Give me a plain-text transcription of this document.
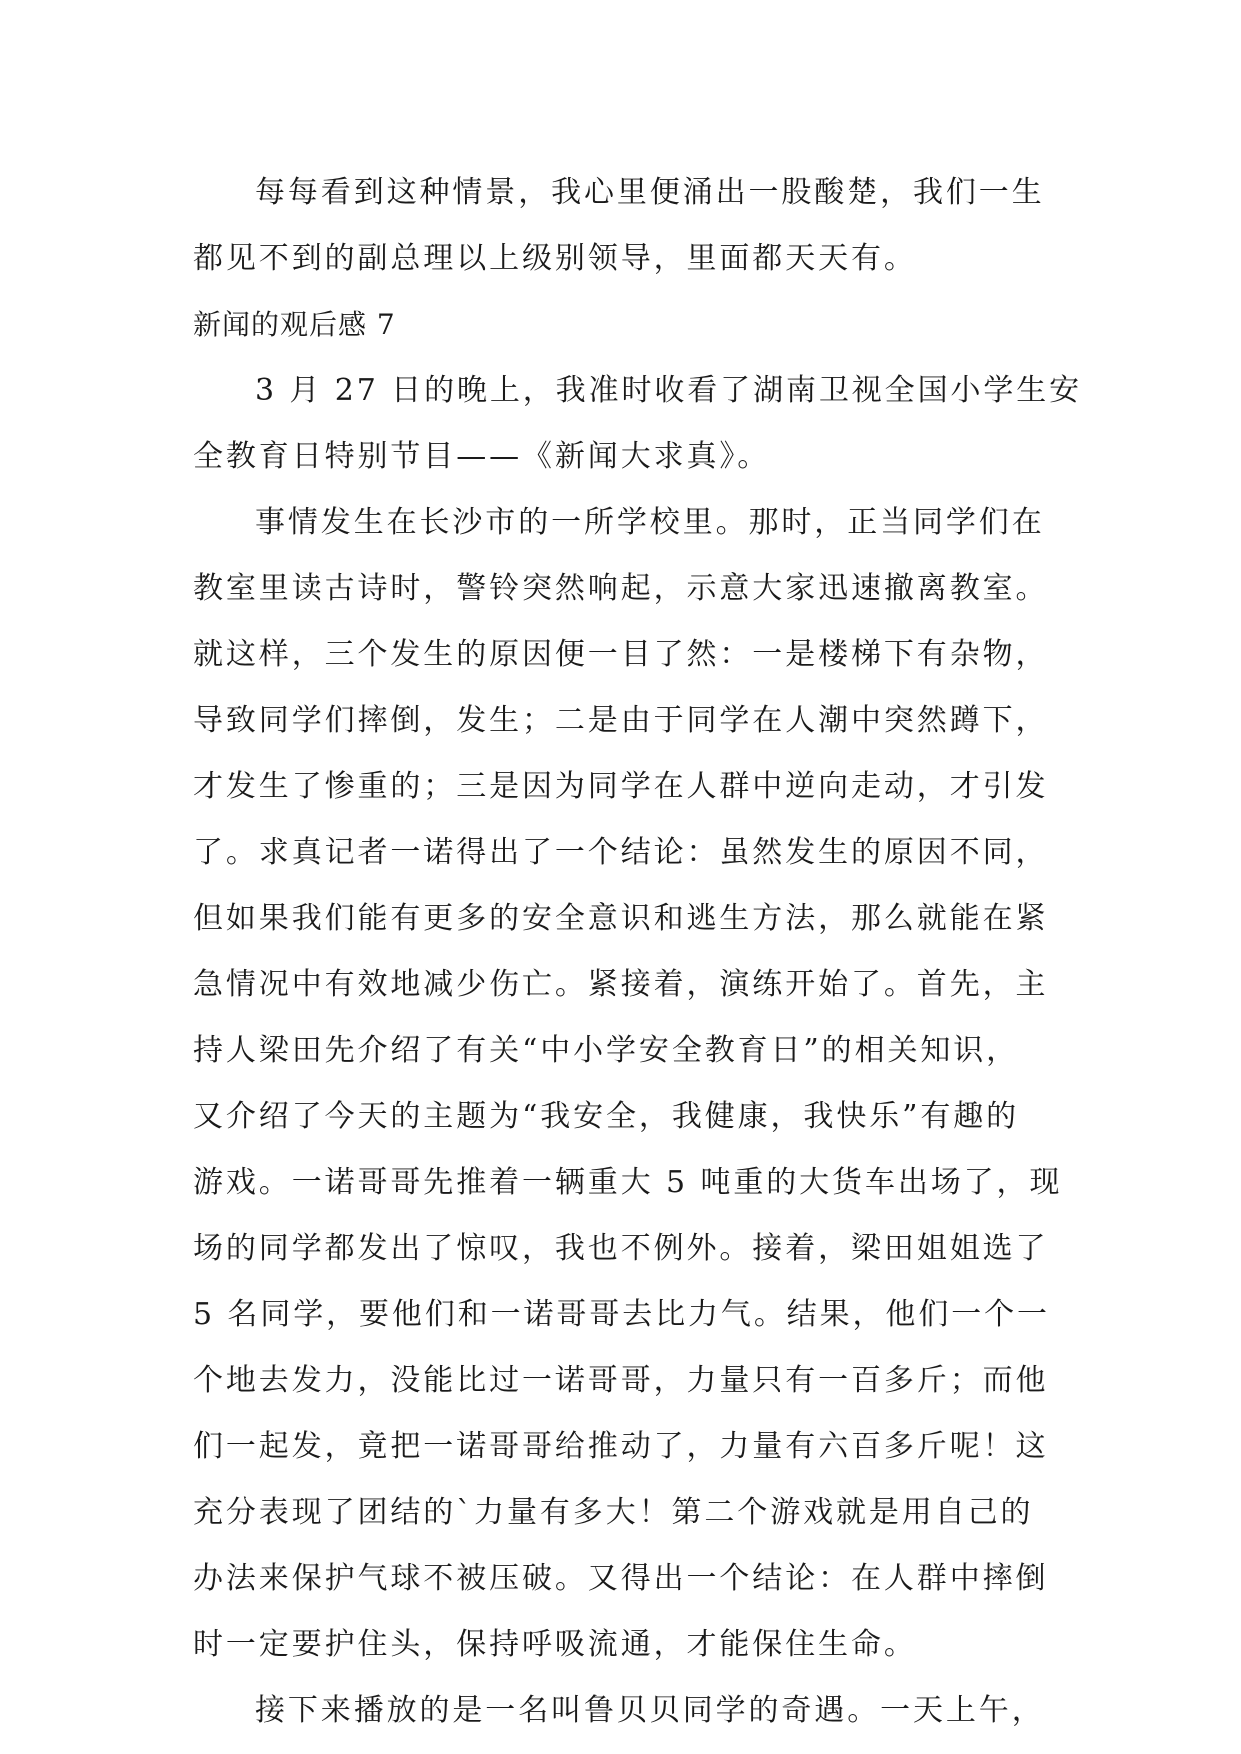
每每看到这种情景，我心里便涌出一股酸楚，我们一生
都见不到的副总理以上级别领导，里面都天天有。
新闻的观后感 7
3 月 27 日的晚上，我准时收看了湖南卫视全国小学生安
全教育日特别节目——《新闻大求真》。
事情发生在长沙市的一所学校里。那时，正当同学们在
教室里读古诗时，警铃突然响起，示意大家迅速撤离教室。
就这样，三个发生的原因便一目了然：一是楼梯下有杂物，
导致同学们摔倒，发生；二是由于同学在人潮中突然蹲下，
才发生了惨重的；三是因为同学在人群中逆向走动，才引发
了。求真记者一诺得出了一个结论：虽然发生的原因不同，
但如果我们能有更多的安全意识和逃生方法，那么就能在紧
急情况中有效地减少伤亡。紧接着，演练开始了。首先，主
持人梁田先介绍了有关“中小学安全教育日”的相关知识，
又介绍了今天的主题为“我安全，我健康，我快乐”有趣的
游戏。一诺哥哥先推着一辆重大 5 吨重的大货车出场了，现
场的同学都发出了惊叹，我也不例外。接着，梁田姐姐选了
5 名同学，要他们和一诺哥哥去比力气。结果，他们一个一
个地去发力，没能比过一诺哥哥，力量只有一百多斤；而他
们一起发，竟把一诺哥哥给推动了，力量有六百多斤呢！这
充分表现了团结的`力量有多大！第二个游戏就是用自己的
办法来保护气球不被压破。又得出一个结论：在人群中摔倒
时一定要护住头，保持呼吸流通，才能保住生命。
接下来播放的是一名叫鲁贝贝同学的奇遇。一天上午，
